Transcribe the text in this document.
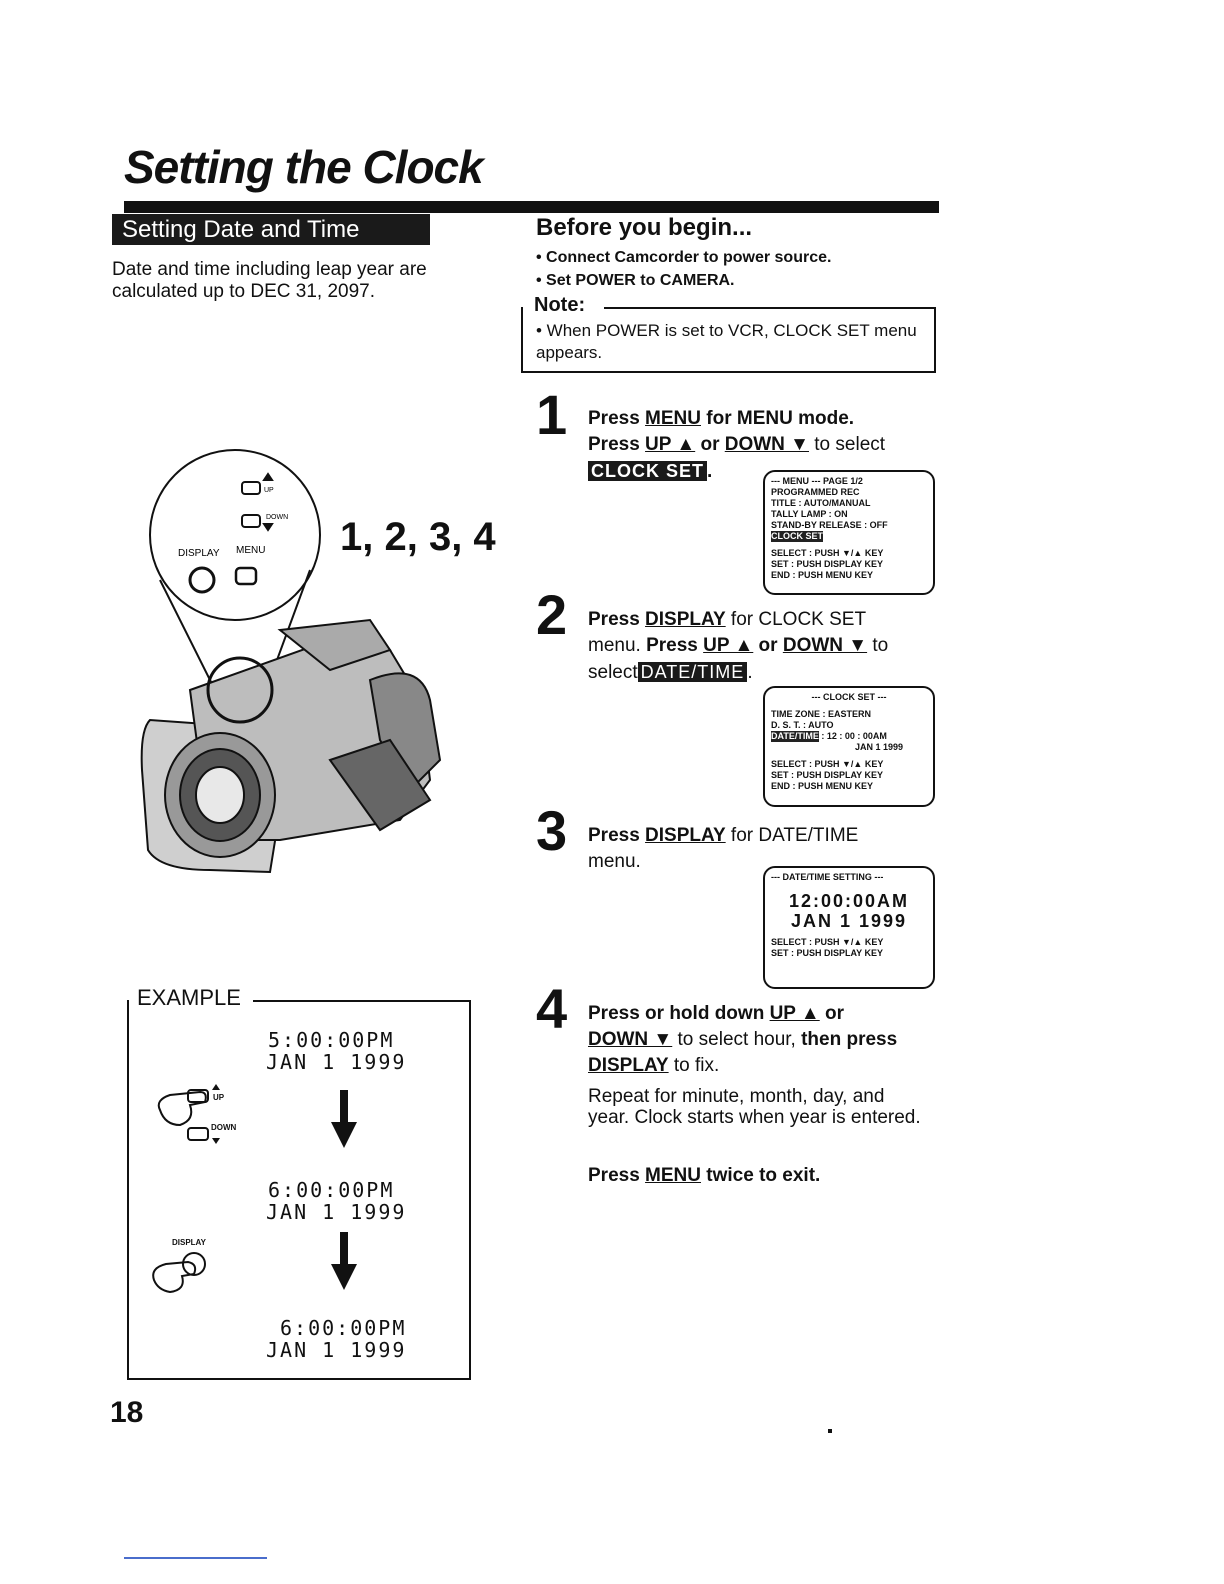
Setting the Clock
Setting Date and Time
Date and time including leap year are calculated up to DEC 31, 2097.
Before you begin...
• Connect Camcorder to power source.
• Set POWER to CAMERA.
Note:
• When POWER is set to VCR, CLOCK SET menu appears.
1 Press MENU for MENU mode.
Press UP ▲ or DOWN ▼ to select
CLOCK SET .	--- MENU --- PAGE 1/2
PROGRAMMED REC
TITLE : AUTO/MANUAL
TALLY LAMP : ON
STAND-BY RELEASE : OFF
CLOCK SET
SELECT : PUSH ▼/▲ KEY
SET : PUSH DISPLAY KEY
END : PUSH MENU KEY
2 Press DISPLAY for CLOCK SET
menu. Press UP ▲ or DOWN ▼ to
select DATE/TIME .
--- CLOCK SET ---
TIME ZONE : EASTERN
D. S. T. : AUTO
DATE/TIME : 12 : 00 : 00AM
JAN 1 1999
SELECT : PUSH ▼/▲ KEY
SET : PUSH DISPLAY KEY
END : PUSH MENU KEY
3 Press DISPLAY for DATE/TIME
menu.
--- DATE/TIME SETTING ---
12:00:00AM
JAN 1 1999
SELECT : PUSH ▼/▲ KEY
SET : PUSH DISPLAY KEY
4 Press or hold down UP ▲ or
DOWN ▼ to select hour, then press
DISPLAY to fix.
Repeat for minute, month, day, and year. Clock starts when year is entered.
Press MENU twice to exit.
UP
DOWN
DISPLAY MENU 1, 2, 3, 4
EXAMPLE
5:00:00PM
JAN 1 1999
UP
DOWN
6:00:00PM
JAN 1 1999
DISPLAY
6:00:00PM
JAN 1 1999
18
